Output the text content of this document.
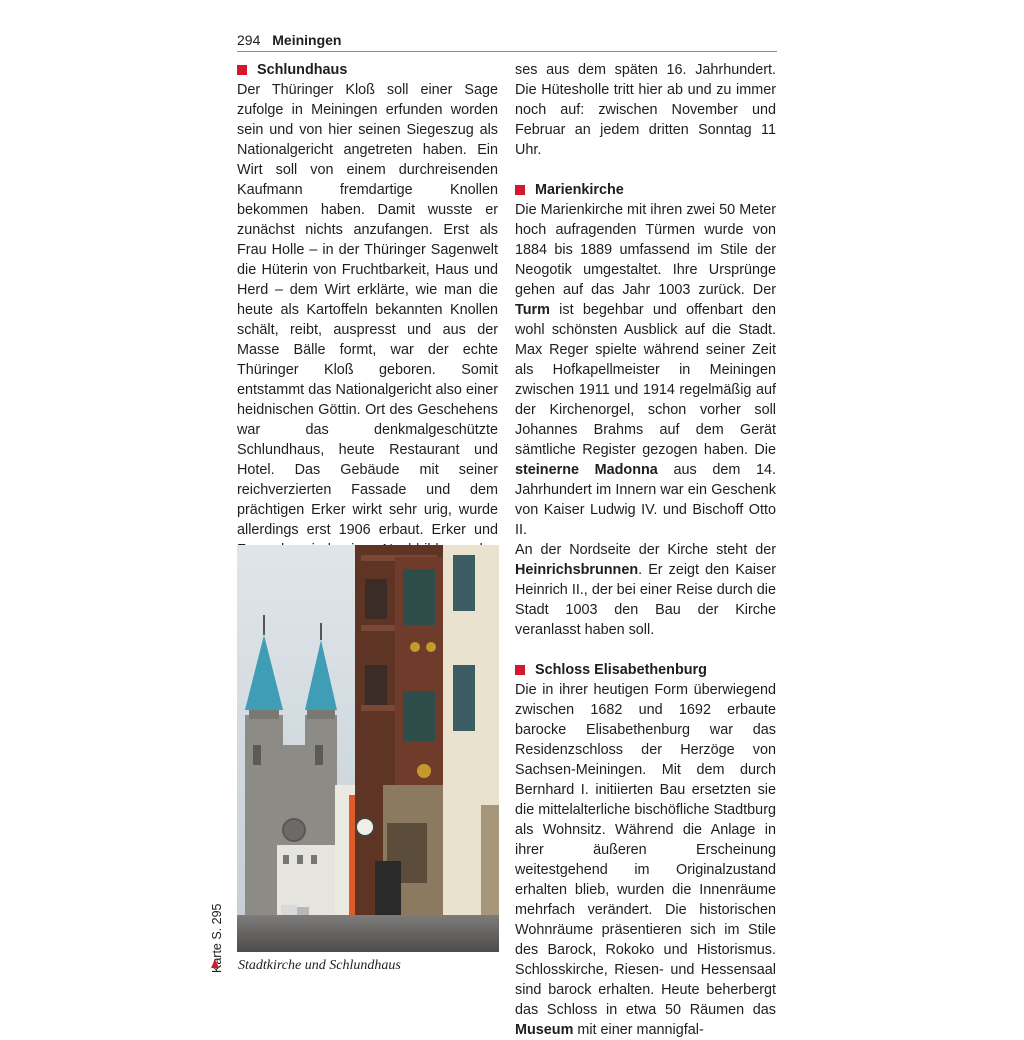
294 Meiningen
Schlundhaus

Der Thüringer Kloß soll einer Sage zufolge in Meiningen erfunden worden sein und von hier seinen Siegeszug als Nationalgericht angetreten haben. Ein Wirt soll von einem durchreisenden Kaufmann fremdartige Knollen bekommen haben. Damit wusste er zunächst nichts anzufangen. Erst als Frau Holle – in der Thüringer Sagenwelt die Hüterin von Fruchtbarkeit, Haus und Herd – dem Wirt erklärte, wie man die heute als Kartoffeln bekannten Knollen schält, reibt, auspresst und aus der Masse Bälle formt, war der echte Thüringer Kloß geboren. Somit entstammt das Nationalgericht also einer heidnischen Göttin. Ort des Geschehens war das denkmalgeschützte Schlundhaus, heute Restaurant und Hotel. Das Gebäude mit seiner reichverzierten Fassade und dem prächtigen Erker wirkt sehr urig, wurde allerdings erst 1906 erbaut. Erker und

Stadtkirche und Schlundhaus
Karte S. 295

ses aus dem späten 16. Jahrhundert. Die Hütesholle tritt hier ab und zu immer noch auf: zwischen November und Februar an jedem dritten Sonntag 11 Uhr.

Marienkirche

Die Marienkirche mit ihren zwei 50 Meter hoch aufragenden Türmen wurde von 1884 bis 1889 umfassend im Stile der Neogotik umgestaltet. Ihre Ursprünge gehen auf das Jahr 1003 zurück. Der Turm ist begehbar und offenbart den wohl schönsten Ausblick auf die Stadt. Max Reger spielte während seiner Zeit als Hofkapellmeister in Meiningen zwischen 1911 und 1914 regelmäßig auf der Kirchenorgel, schon vorher soll Johannes Brahms auf dem Gerät sämtliche Register gezogen haben. Die steinerne Madonna aus dem 14. Jahrhundert im Innern war ein Geschenk von Kaiser Ludwig IV. und Bischoff Otto II.

An der Nordseite der Kirche steht der Heinrichsbrunnen. Er zeigt den Kaiser Heinrich II., der bei einer Reise durch die Stadt 1003 den Bau der Kirche veranlasst haben soll.

Schloss Elisabethenburg

Die in ihrer heutigen Form überwiegend zwischen 1682 und 1692 erbaute barocke Elisabethenburg war das Residenzschloss der Herzöge von Sachsen-Meiningen. Mit dem durch Bernhard I. initiierten Bau ersetzten sie die mittelalterliche bischöfliche Stadtburg als Wohnsitz. Während die Anlage in ihrer äußeren Erscheinung weitestgehend im Originalzustand erhalten blieb, wurden die Innenräume mehrfach verändert. Die historischen Wohnräume präsentieren sich im Stile des Barock, Rokoko und Historismus. Schlosskirche, Riesen- und Hessensaal sind barock erhalten. Heute beherbergt das Schloss in etwa 50 Räumen das Museum mit einer mannigfal-
